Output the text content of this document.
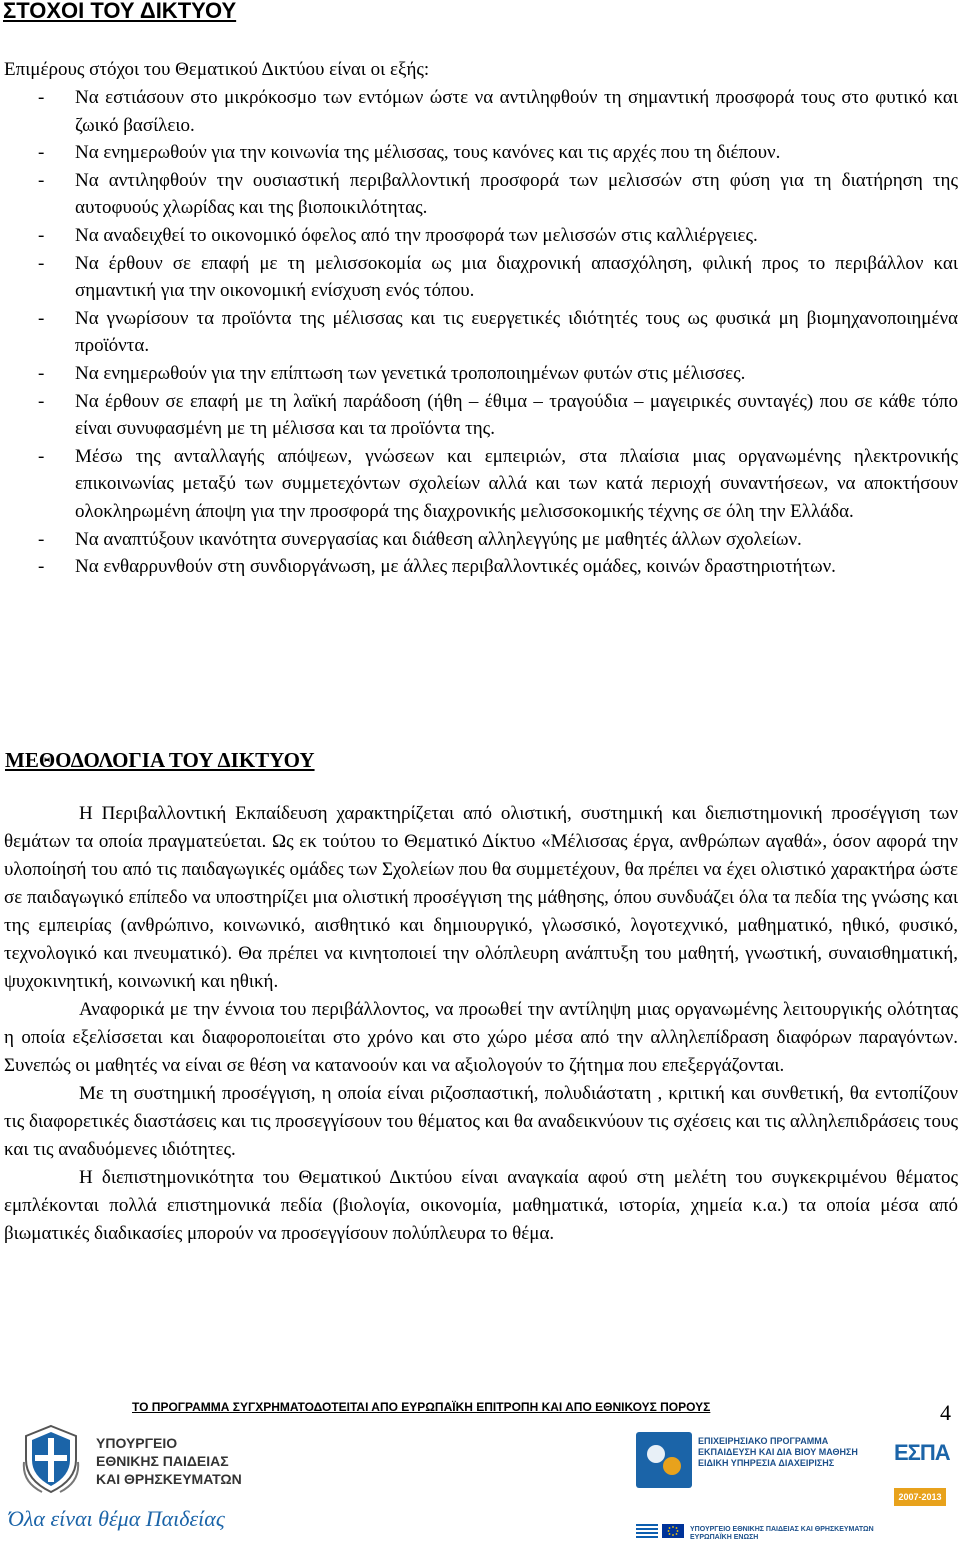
ΣΤΟΧΟΙ ΤΟΥ ΔΙΚΤΥΟΥ
Επιμέρους στόχοι του Θεματικού Δικτύου είναι οι εξής:
- Να εστιάσουν στο μικρόκοσμο των εντόμων ώστε να αντιληφθούν τη σημαντική προσφορά τους στο φυτικό και ζωικό βασίλειο.
- Να ενημερωθούν για την κοινωνία της μέλισσας, τους κανόνες και τις αρχές που τη διέπουν.
- Να αντιληφθούν την ουσιαστική περιβαλλοντική προσφορά των μελισσών στη φύση για τη διατήρηση της αυτοφυούς χλωρίδας και της βιοποικιλότητας.
- Να αναδειχθεί το οικονομικό όφελος από την προσφορά των μελισσών στις καλλιέργειες.
- Να έρθουν σε επαφή με τη μελισσοκομία ως μια διαχρονική απασχόληση, φιλική προς το περιβάλλον και σημαντική για την οικονομική ενίσχυση ενός τόπου.
- Να γνωρίσουν τα προϊόντα της μέλισσας και τις ευεργετικές ιδιότητές τους ως φυσικά μη βιομηχανοποιημένα προϊόντα.
- Να ενημερωθούν για την επίπτωση των γενετικά τροποποιημένων φυτών στις μέλισσες.
- Να έρθουν σε επαφή με τη λαϊκή παράδοση (ήθη – έθιμα – τραγούδια – μαγειρικές συνταγές) που σε κάθε τόπο είναι συνυφασμένη με τη μέλισσα και τα προϊόντα της.
- Μέσω της ανταλλαγής απόψεων, γνώσεων και εμπειριών, στα πλαίσια μιας οργανωμένης ηλεκτρονικής επικοινωνίας μεταξύ των συμμετεχόντων σχολείων αλλά και των κατά περιοχή συναντήσεων, να αποκτήσουν ολοκληρωμένη άποψη για την προσφορά της διαχρονικής μελισσοκομικής τέχνης σε όλη την Ελλάδα.
- Να αναπτύξουν ικανότητα συνεργασίας και διάθεση αλληλεγγύης με μαθητές άλλων σχολείων.
- Να ενθαρρυνθούν στη συνδιοργάνωση, με άλλες περιβαλλοντικές ομάδες, κοινών δραστηριοτήτων.
ΜΕΘΟΔΟΛΟΓΙΑ ΤΟΥ ΔΙΚΤΥΟΥ

Η Περιβαλλοντική Εκπαίδευση χαρακτηρίζεται από ολιστική, συστημική και διεπιστημονική προσέγγιση των θεμάτων τα οποία πραγματεύεται. Ως εκ τούτου το Θεματικό Δίκτυο «Μέλισσας έργα, ανθρώπων αγαθά», όσον αφορά την υλοποίησή του από τις παιδαγωγικές ομάδες των Σχολείων που θα συμμετέχουν, θα πρέπει να έχει ολιστικό χαρακτήρα ώστε σε παιδαγωγικό επίπεδο να υποστηρίζει μια ολιστική προσέγγιση της μάθησης, όπου συνδυάζει όλα τα πεδία της γνώσης και της εμπειρίας (ανθρώπινο, κοινωνικό, αισθητικό και δημιουργικό, γλωσσικό, λογοτεχνικό, μαθηματικό, ηθικό, φυσικό, τεχνολογικό και πνευματικό). Θα πρέπει να κινητοποιεί την ολόπλευρη ανάπτυξη του μαθητή, γνωστική, συναισθηματική, ψυχοκινητική, κοινωνική και ηθική.

Αναφορικά με την έννοια του περιβάλλοντος, να προωθεί την αντίληψη μιας οργανωμένης λειτουργικής ολότητας η οποία εξελίσσεται και διαφοροποιείται στο χρόνο και στο χώρο μέσα από την αλληλεπίδραση διαφόρων παραγόντων. Συνεπώς οι μαθητές να είναι σε θέση να κατανοούν και να αξιολογούν το ζήτημα που επεξεργάζονται.

Με τη συστημική προσέγγιση, η οποία είναι ριζοσπαστική, πολυδιάστατη , κριτική και συνθετική, θα εντοπίζουν τις διαφορετικές διαστάσεις και τις προσεγγίσουν του θέματος και θα αναδεικνύουν τις σχέσεις και τις αλληλεπιδράσεις τους και τις αναδυόμενες ιδιότητες.

Η διεπιστημονικότητα του Θεματικού Δικτύου είναι αναγκαία αφού στη μελέτη του συγκεκριμένου θέματος εμπλέκονται πολλά επιστημονικά πεδία (βιολογία, οικονομία, μαθηματικά, ιστορία, χημεία κ.α.) τα οποία μέσα από βιωματικές διαδικασίες μπορούν να προσεγγίσουν πολύπλευρα το θέμα.

ΥΠΟΥΡΓΕΙΟ
ΕΘΝΙΚΗΣ ΠΑΙΔΕΙΑΣ
ΚΑΙ ΘΡΗΣΚΕΥΜΑΤΩΝ
Όλα είναι θέμα Παιδείας
ΤΟ ΠΡΟΓΡΑΜΜΑ ΣΥΓΧΡΗΜΑΤΟΔΟΤΕΙΤΑΙ ΑΠΟ ΕΥΡΩΠΑΪΚΗ ΕΠΙΤΡΟΠΗ ΚΑΙ ΑΠΟ ΕΘΝΙΚΟΥΣ ΠΟΡΟΥΣ	4
ΕΠΙΧΕΙΡΗΣΙΑΚΟ ΠΡΟΓΡΑΜΜΑ
ΕΚΠΑΙΔΕΥΣΗ ΚΑΙ ΔΙΑ ΒΙΟΥ ΜΑΘΗΣΗ
ΕΙΔΙΚΗ ΥΠΗΡΕΣΙΑ ΔΙΑΧΕΙΡΙΣΗΣ	ΕΣΠΑ
2007-2013
ΥΠΟΥΡΓΕΙΟ ΕΘΝΙΚΗΣ ΠΑΙΔΕΙΑΣ ΚΑΙ ΘΡΗΣΚΕΥΜΑΤΩΝ
ΕΥΡΩΠΑΪΚΗ ΕΝΩΣΗ
